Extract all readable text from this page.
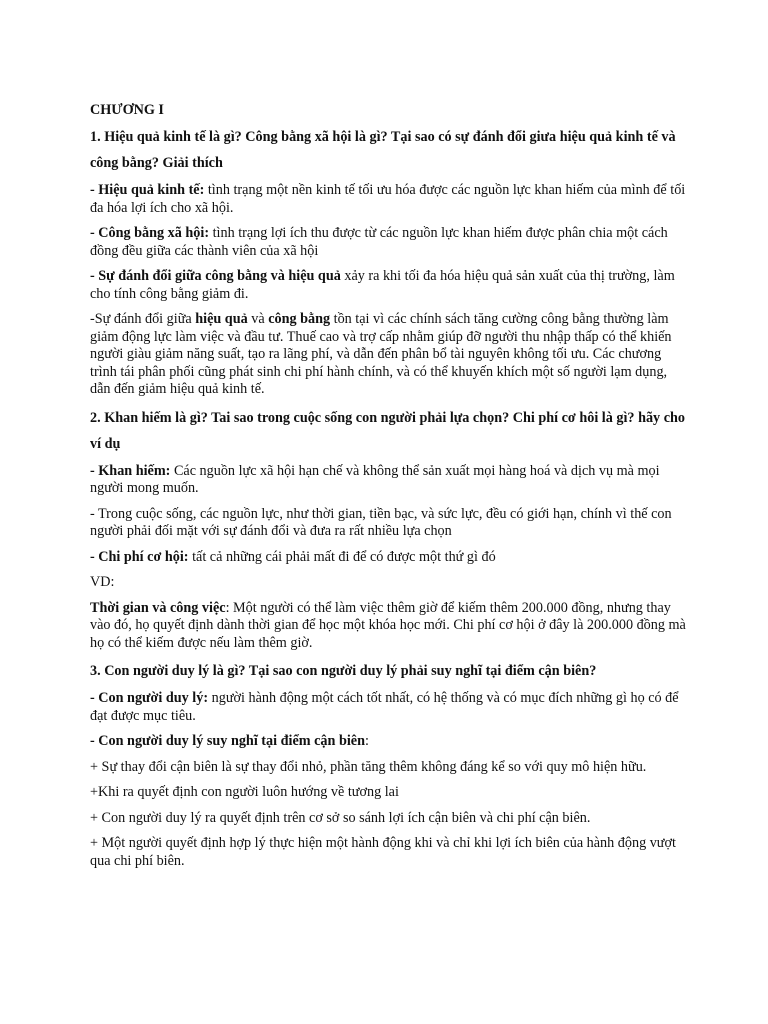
CHƯƠNG I

1. Hiệu quả kinh tế là gì? Công bằng xã hội là gì? Tại sao có sự đánh đổi giưa hiệu quả kinh tế và công bằng? Giải thích

- Hiệu quả kinh tế: tình trạng một nền kinh tế tối ưu hóa được các nguồn lực khan hiếm của mình để tối đa hóa lợi ích cho xã hội.

- Công bằng xã hội: tình trạng lợi ích thu được từ các nguồn lực khan hiếm được phân chia một cách đồng đều giữa các thành viên của xã hội

- Sự đánh đổi giữa công bằng và hiệu quả xảy ra khi tối đa hóa hiệu quả sản xuất của thị trường, làm cho tính công bằng giảm đi.

-Sự đánh đổi giữa hiệu quả và công bằng tồn tại vì các chính sách tăng cường công bằng thường làm giảm động lực làm việc và đầu tư. Thuế cao và trợ cấp nhằm giúp đỡ người thu nhập thấp có thể khiến người giàu giảm năng suất, tạo ra lãng phí, và dẫn đến phân bổ tài nguyên không tối ưu. Các chương trình tái phân phối cũng phát sinh chi phí hành chính, và có thể khuyến khích một số người lạm dụng, dẫn đến giảm hiệu quả kinh tế.

2. Khan hiếm là gì? Tai sao trong cuộc sống con người phải lựa chọn? Chi phí cơ hôi là gì? hãy cho ví dụ

- Khan hiếm: Các nguồn lực xã hội hạn chế và không thể sản xuất mọi hàng hoá và dịch vụ mà mọi người mong muốn.

- Trong cuộc sống, các nguồn lực, như thời gian, tiền bạc, và sức lực, đều có giới hạn, chính vì thế con người phải đối mặt với sự đánh đổi và đưa ra rất nhiều lựa chọn

- Chi phí cơ hội: tất cả những cái phải mất đi để có được một thứ gì đó

VD:

Thời gian và công việc: Một người có thể làm việc thêm giờ để kiếm thêm 200.000 đồng, nhưng thay vào đó, họ quyết định dành thời gian để học một khóa học mới. Chi phí cơ hội ở đây là 200.000 đồng mà họ có thể kiếm được nếu làm thêm giờ.

3. Con người duy lý là gì? Tại sao con người duy lý phải suy nghĩ tại điểm cận biên?

- Con người duy lý: người hành động một cách tốt nhất, có hệ thống và có mục đích những gì họ có để đạt được mục tiêu.

- Con người duy lý suy nghĩ tại điểm cận biên:

+ Sự thay đổi cận biên là sự thay đổi nhỏ, phần tăng thêm không đáng kể so với quy mô hiện hữu.

+Khi ra quyết định con người luôn hướng về tương lai

+ Con người duy lý ra quyết định trên cơ sở so sánh lợi ích cận biên và chi phí cận biên.

+ Một người quyết định hợp lý thực hiện một hành động khi và chỉ khi lợi ích biên của hành động vượt qua chi phí biên.
